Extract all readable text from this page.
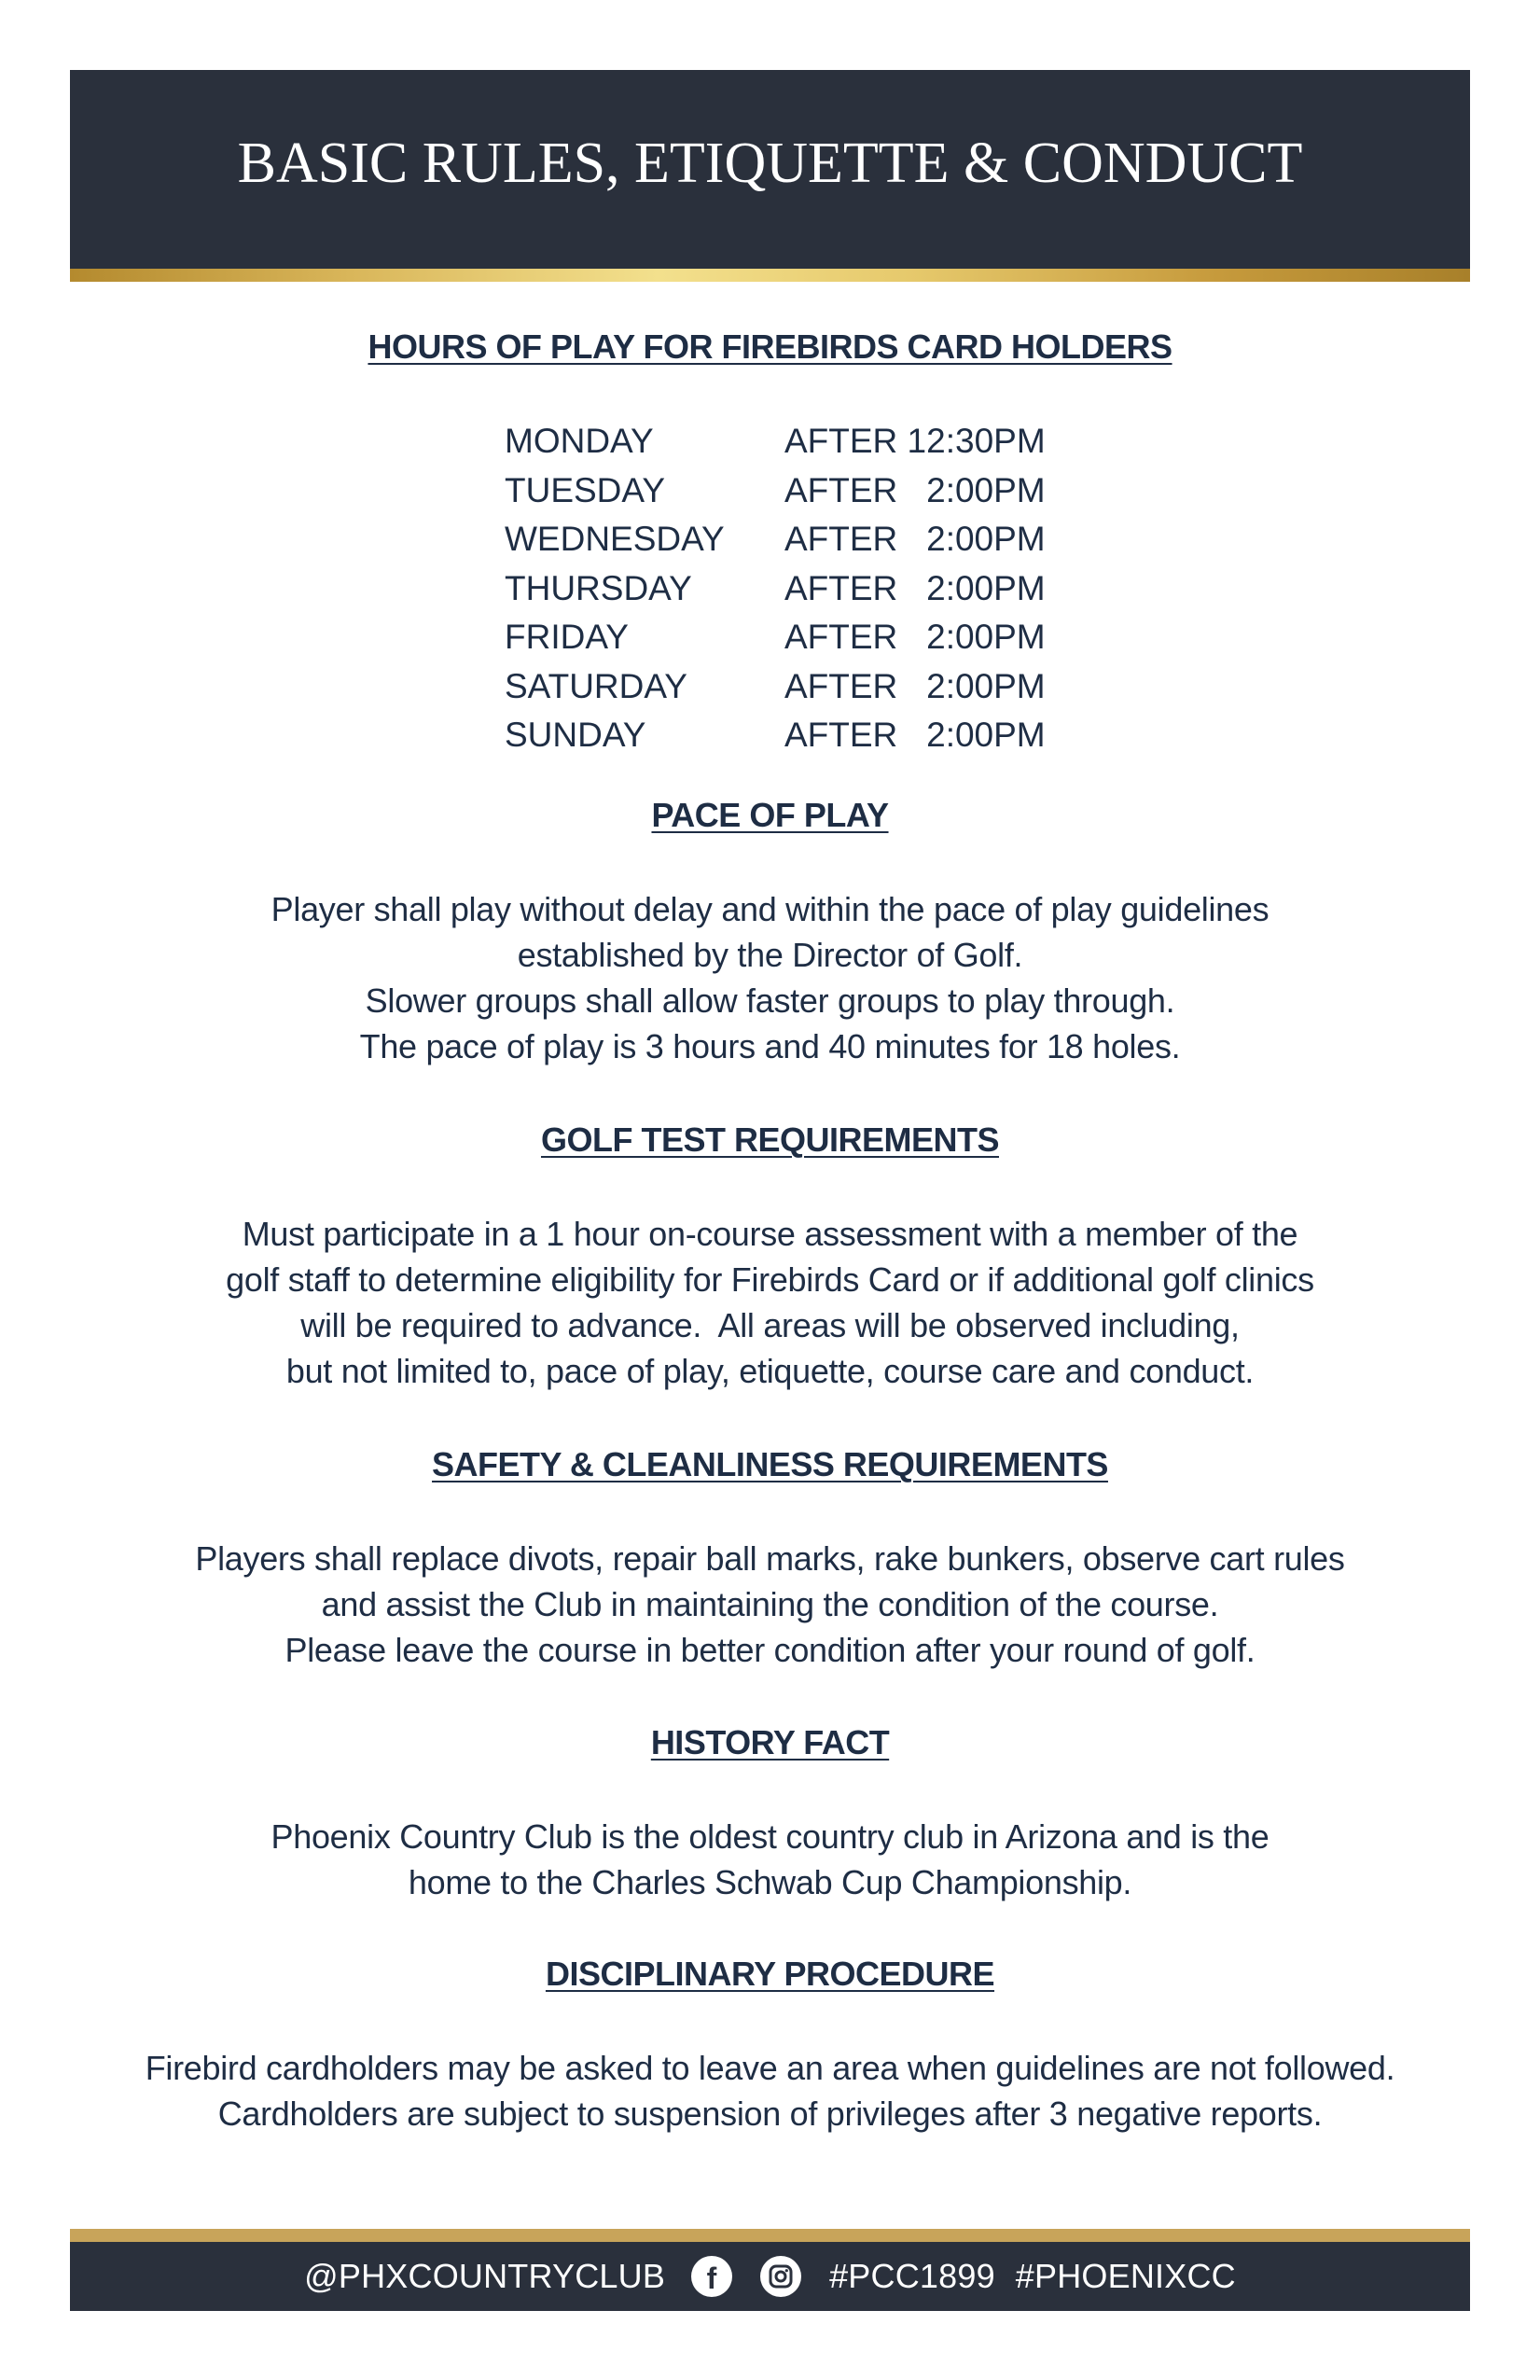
BASIC RULES, ETIQUETTE & CONDUCT
HOURS OF PLAY FOR FIREBIRDS CARD HOLDERS
MONDAY	AFTER 12:30PM
TUESDAY	AFTER   2:00PM
WEDNESDAY	AFTER   2:00PM
THURSDAY	AFTER   2:00PM
FRIDAY	AFTER   2:00PM
SATURDAY	AFTER   2:00PM
SUNDAY	AFTER   2:00PM
PACE OF PLAY
Player shall play without delay and within the pace of play guidelines
established by the Director of Golf.
Slower groups shall allow faster groups to play through.
The pace of play is 3 hours and 40 minutes for 18 holes.
GOLF TEST REQUIREMENTS
Must participate in a 1 hour on-course assessment with a member of the
golf staff to determine eligibility for Firebirds Card or if additional golf clinics
will be required to advance.  All areas will be observed including,
but not limited to, pace of play, etiquette, course care and conduct.
SAFETY & CLEANLINESS REQUIREMENTS
Players shall replace divots, repair ball marks, rake bunkers, observe cart rules
and assist the Club in maintaining the condition of the course.
Please leave the course in better condition after your round of golf.
HISTORY FACT
Phoenix Country Club is the oldest country club in Arizona and is the
home to the Charles Schwab Cup Championship.
DISCIPLINARY PROCEDURE
Firebird cardholders may be asked to leave an area when guidelines are not followed.
Cardholders are subject to suspension of privileges after 3 negative reports.
@PHXCOUNTRYCLUB f	#PCC1899 #PHOENIXCC
